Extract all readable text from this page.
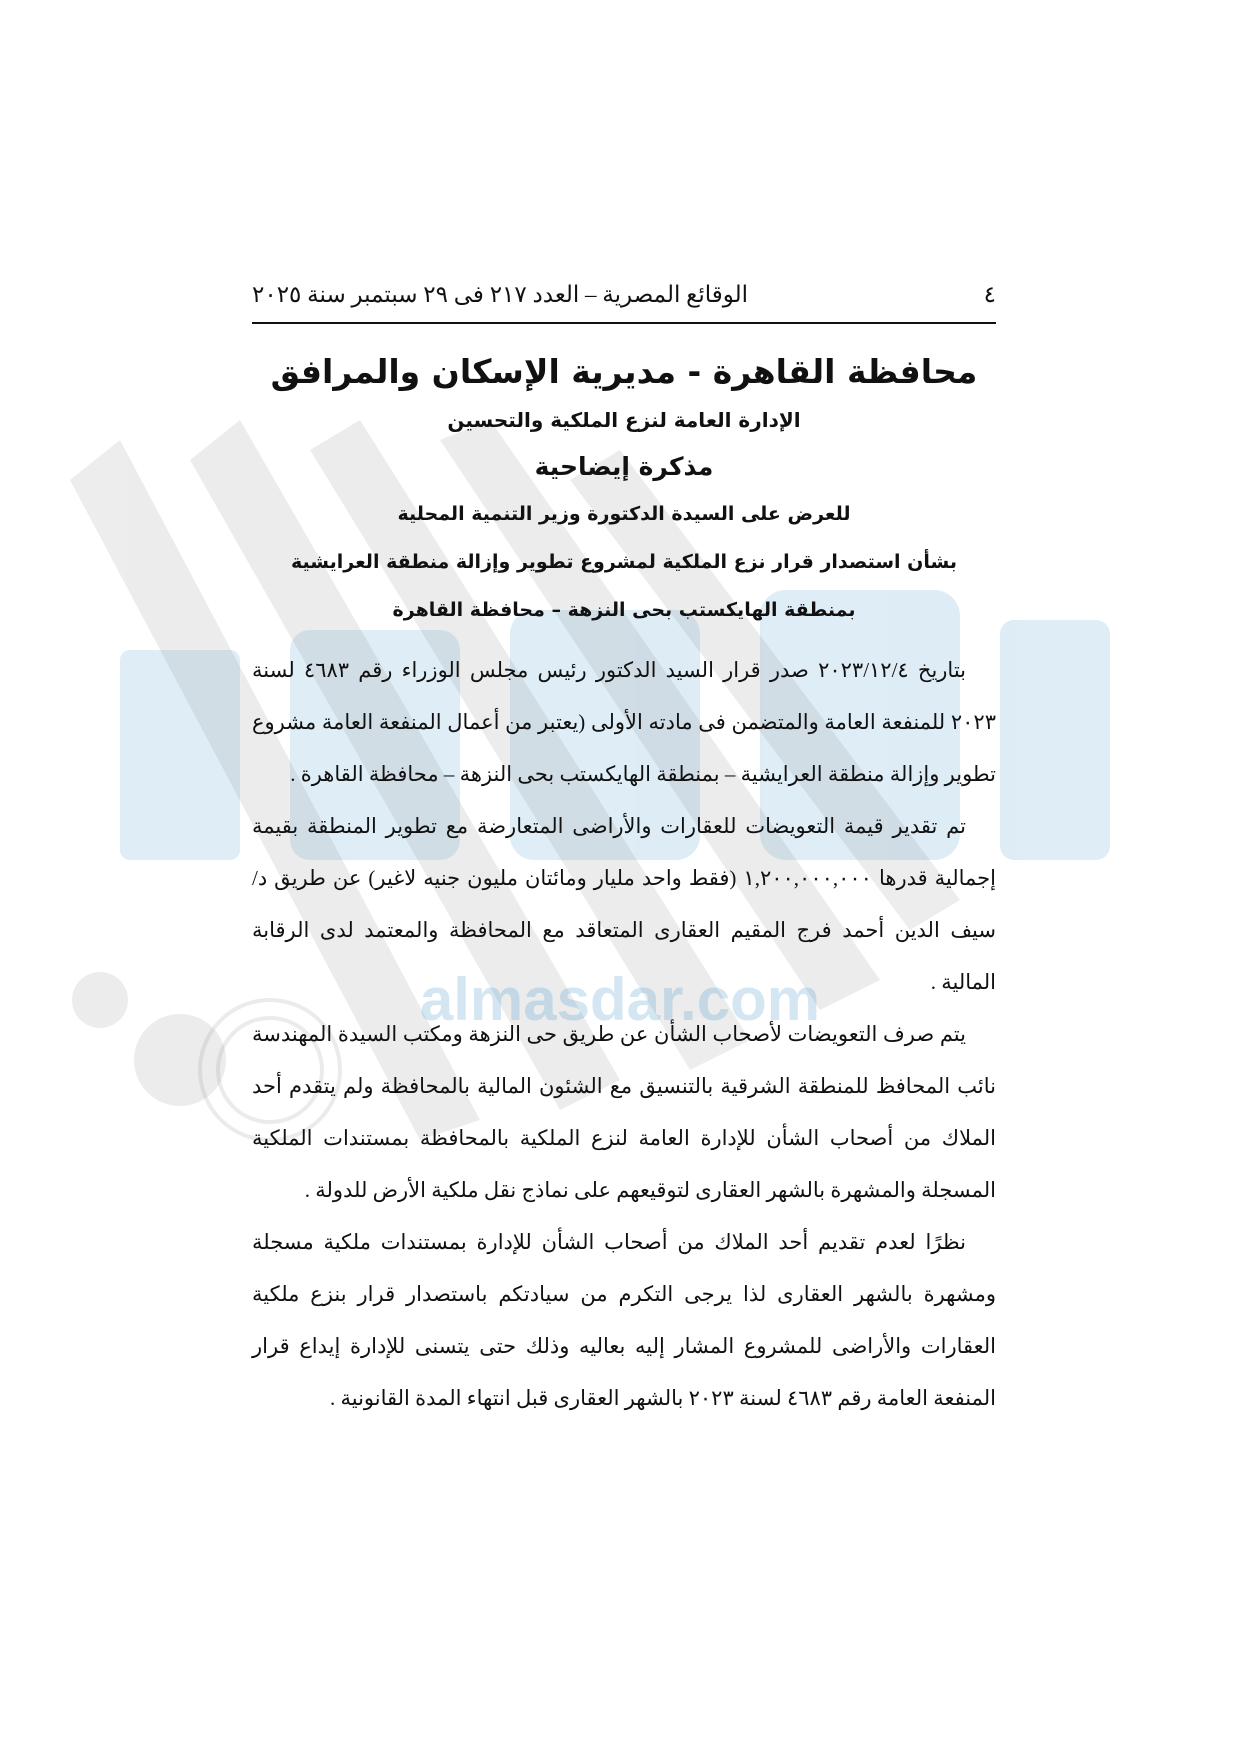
almasdar.com
٤
الوقائع المصرية – العدد ٢١٧ فى ٢٩ سبتمبر سنة ٢٠٢٥
محافظة القاهرة - مديرية الإسكان والمرافق
الإدارة العامة لنزع الملكية والتحسين
مذكرة إيضاحية

للعرض على السيدة الدكتورة وزير التنمية المحلية

بشأن استصدار قرار نزع الملكية لمشروع تطوير وإزالة منطقة العرايشية

بمنطقة الهايكستب بحى النزهة – محافظة القاهرة

بتاريخ ٢٠٢٣/١٢/٤ صدر قرار السيد الدكتور رئيس مجلس الوزراء رقم ٤٦٨٣ لسنة ٢٠٢٣ للمنفعة العامة والمتضمن فى مادته الأولى (يعتبر من أعمال المنفعة العامة مشروع تطوير وإزالة منطقة العرايشية – بمنطقة الهايكستب بحى النزهة – محافظة القاهرة .

تم تقدير قيمة التعويضات للعقارات والأراضى المتعارضة مع تطوير المنطقة بقيمة إجمالية قدرها ١,٢٠٠,٠٠٠,٠٠٠ (فقط واحد مليار ومائتان مليون جنيه لاغير) عن طريق د/ سيف الدين أحمد فرج المقيم العقارى المتعاقد مع المحافظة والمعتمد لدى الرقابة المالية .

يتم صرف التعويضات لأصحاب الشأن عن طريق حى النزهة ومكتب السيدة المهندسة نائب المحافظ للمنطقة الشرقية بالتنسيق مع الشئون المالية بالمحافظة ولم يتقدم أحد الملاك من أصحاب الشأن للإدارة العامة لنزع الملكية بالمحافظة بمستندات الملكية المسجلة والمشهرة بالشهر العقارى لتوقيعهم على نماذج نقل ملكية الأرض للدولة .

نظرًا لعدم تقديم أحد الملاك من أصحاب الشأن للإدارة بمستندات ملكية مسجلة ومشهرة بالشهر العقارى لذا يرجى التكرم من سيادتكم باستصدار قرار بنزع ملكية العقارات والأراضى للمشروع المشار إليه بعاليه وذلك حتى يتسنى للإدارة إيداع قرار المنفعة العامة رقم ٤٦٨٣ لسنة ٢٠٢٣ بالشهر العقارى قبل انتهاء المدة القانونية .
